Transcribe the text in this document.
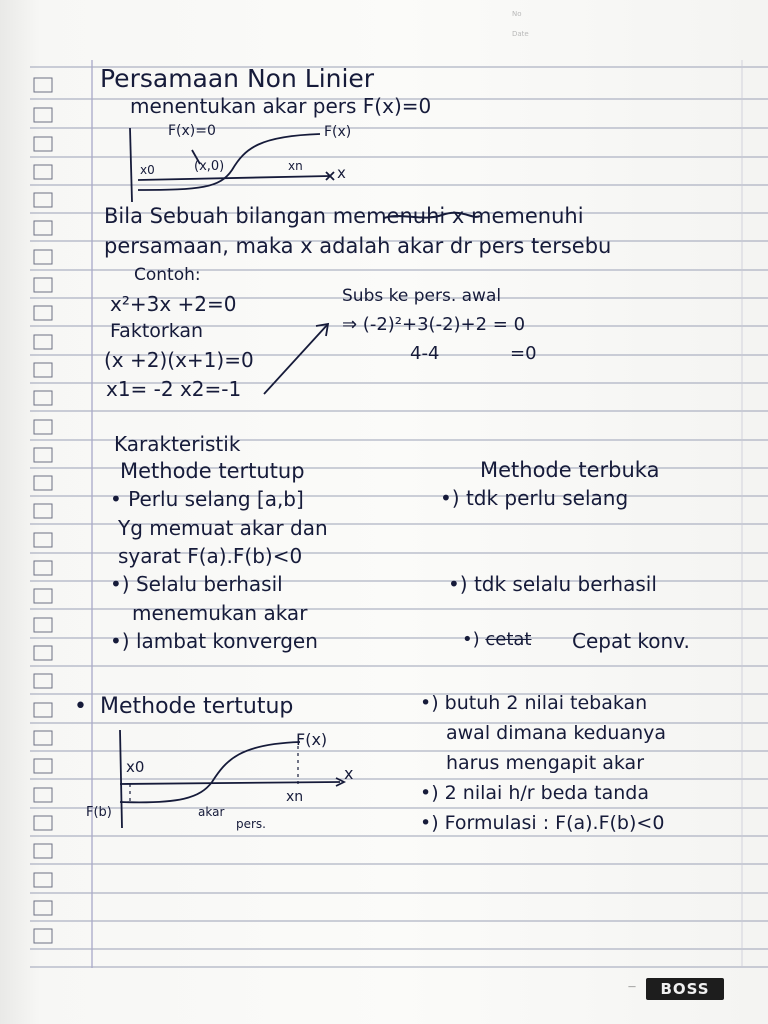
No
Date
Persamaan Non Linier
menentukan akar pers F(x)=0
F(x)=0	F(x)
x0	(x,0)	xn x
Bila Sebuah bilangan memenuhi x memenuhi
persamaan, maka x adalah akar dr pers tersebu
Contoh:
x²+3x +2=0
Faktorkan
(x +2)(x+1)=0
x1= -2 x2=-1
Subs ke pers. awal
⇒ (-2)²+3(-2)+2 = 0
4-4	=0
Karakteristik
Methode tertutup	Methode terbuka
• Perlu selang [a,b]
Yg memuat akar dan
syarat F(a).F(b)<0
•) Selalu berhasil
menemukan akar
•) lambat konvergen
•) tdk perlu selang
•) tdk selalu berhasil
•) cetat Cepat konv.
• Methode tertutup
F(x)
x0
xn
x
F(b)	akar
pers.
•) butuh 2 nilai tebakan
awal dimana keduanya
harus mengapit akar
•) 2 nilai h/r beda tanda
•) Formulasi : F(a).F(b)<0
—	BOSS
